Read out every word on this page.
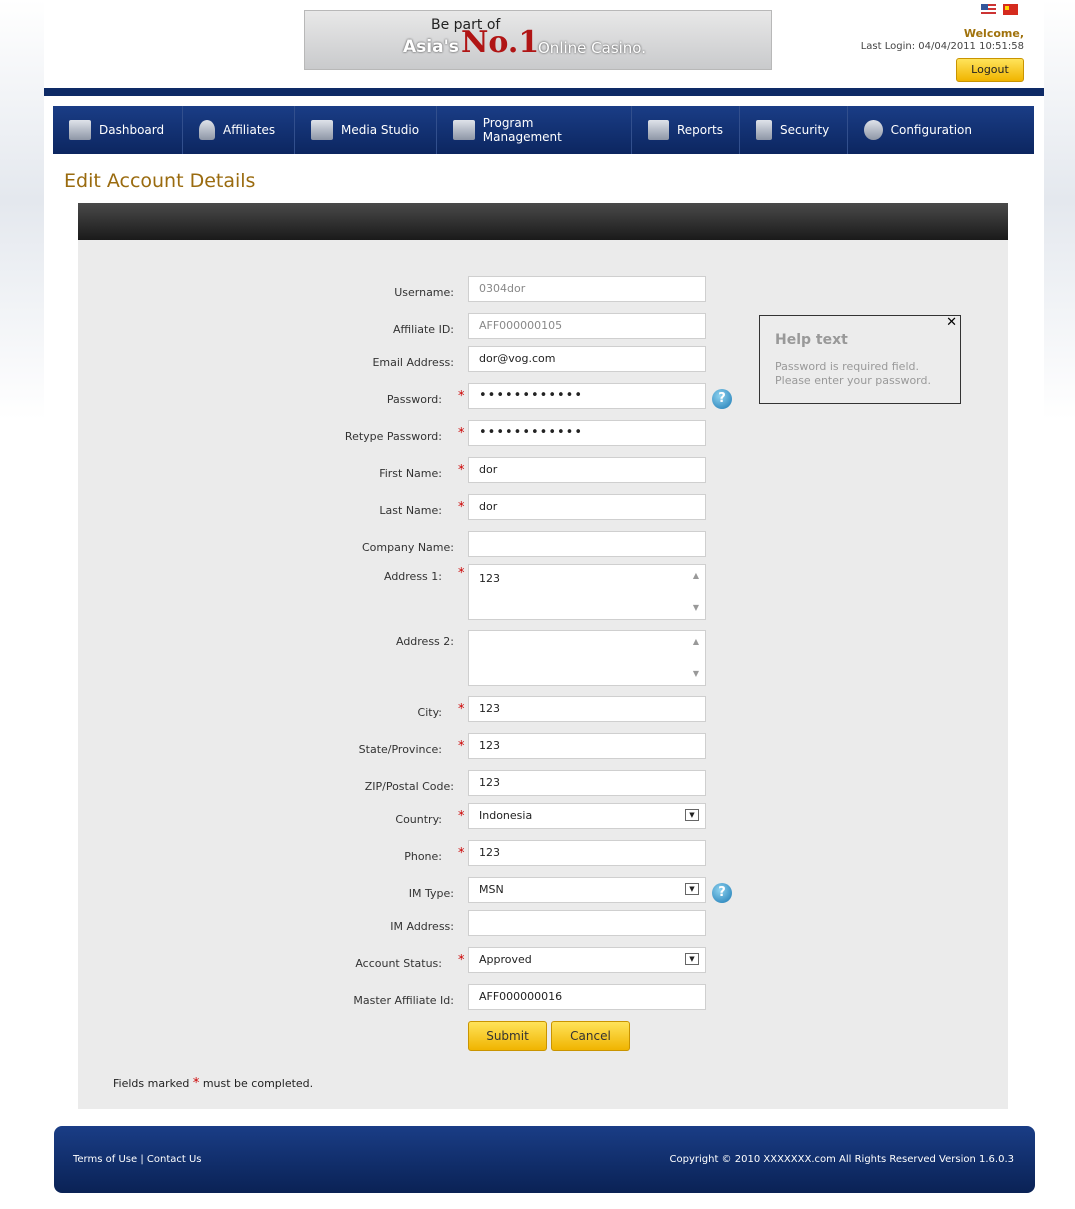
Be part of
Asia's No.1
Online Casino.

Welcome,
Last Login: 04/04/2011 10:51:58
Logout
Dashboard	Affiliates	Media Studio	Program Management	Reports	Security	Configuration
Edit Account Details
Username:	0304dor
Affiliate ID:	AFF000000105
Email Address:	dor@vog.com
Password: *	••••••••••••	?
Retype Password: *	••••••••••••
First Name: *	dor
Last Name: *	dor
Company Name:
Address 1: *	123	▲
▼
Address 2:	▲
▼
City: *	123
State/Province: *	123
ZIP/Postal Code:	123
Country: *	Indonesia	▼
Phone: *	123
IM Type:	MSN	▼	?
IM Address:
Account Status: *	Approved	▼
Master Affiliate Id:	AFF000000016
Submit	Cancel
Fields marked * must be completed.
Help text
Password is required field. Please enter your password.
✕
Terms of Use | Contact Us	Copyright © 2010 XXXXXXX.com All Rights Reserved Version 1.6.0.3
